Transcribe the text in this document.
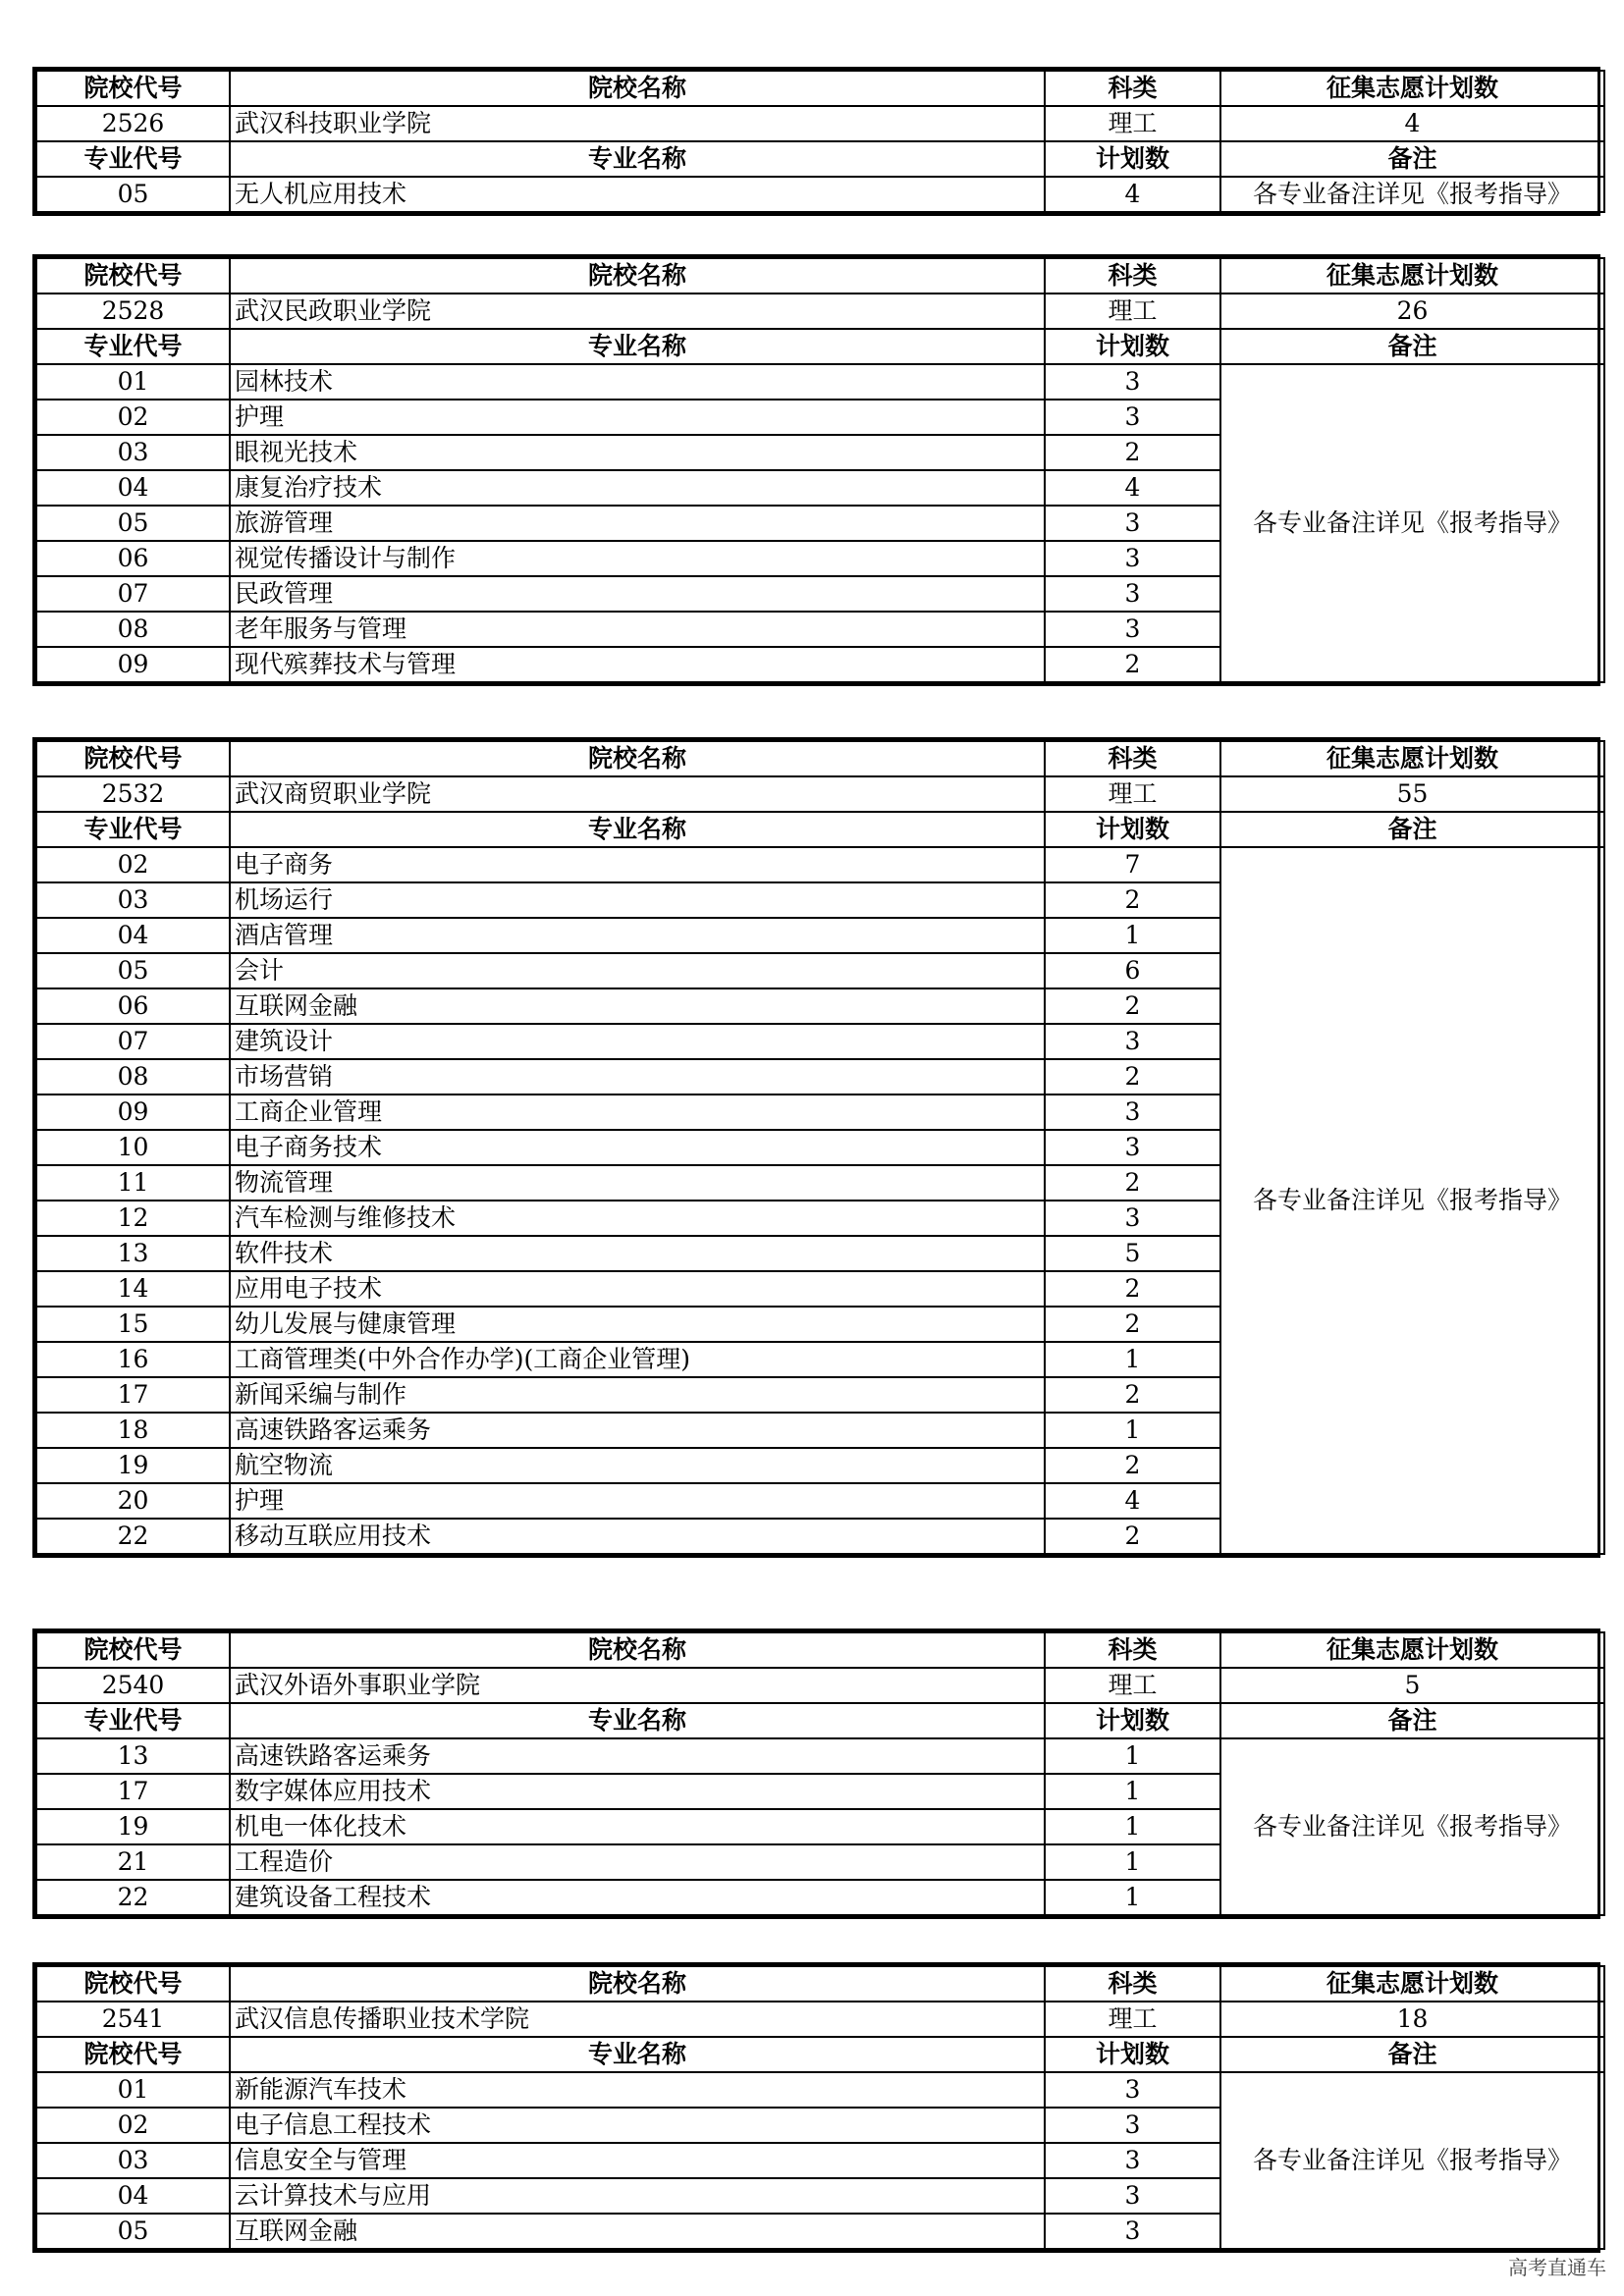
院校代号	院校名称	科类	征集志愿计划数
2526	武汉科技职业学院	理工	4
专业代号	专业名称	计划数	备注
05	无人机应用技术	4	各专业备注详见《报考指导》
院校代号	院校名称	科类	征集志愿计划数
2528	武汉民政职业学院	理工	26
专业代号	专业名称	计划数	备注
01	园林技术	3	各专业备注详见《报考指导》
02	护理	3	
03	眼视光技术	2	
04	康复治疗技术	4	
05	旅游管理	3	
06	视觉传播设计与制作	3	
07	民政管理	3	
08	老年服务与管理	3	
09	现代殡葬技术与管理	2	
院校代号	院校名称	科类	征集志愿计划数
2532	武汉商贸职业学院	理工	55
专业代号	专业名称	计划数	备注
02	电子商务	7	各专业备注详见《报考指导》
03	机场运行	2	
04	酒店管理	1	
05	会计	6	
06	互联网金融	2	
07	建筑设计	3	
08	市场营销	2	
09	工商企业管理	3	
10	电子商务技术	3	
11	物流管理	2	
12	汽车检测与维修技术	3	
13	软件技术	5	
14	应用电子技术	2	
15	幼儿发展与健康管理	2	
16	工商管理类(中外合作办学)(工商企业管理)	1	
17	新闻采编与制作	2	
18	高速铁路客运乘务	1	
19	航空物流	2	
20	护理	4	
22	移动互联应用技术	2	
院校代号	院校名称	科类	征集志愿计划数
2540	武汉外语外事职业学院	理工	5
专业代号	专业名称	计划数	备注
13	高速铁路客运乘务	1	各专业备注详见《报考指导》
17	数字媒体应用技术	1	
19	机电一体化技术	1	
21	工程造价	1	
22	建筑设备工程技术	1	
院校代号	院校名称	科类	征集志愿计划数
2541	武汉信息传播职业技术学院	理工	18
院校代号	专业名称	计划数	备注
01	新能源汽车技术	3	各专业备注详见《报考指导》
02	电子信息工程技术	3	
03	信息安全与管理	3	
04	云计算技术与应用	3	
05	互联网金融	3	
高考直通车
